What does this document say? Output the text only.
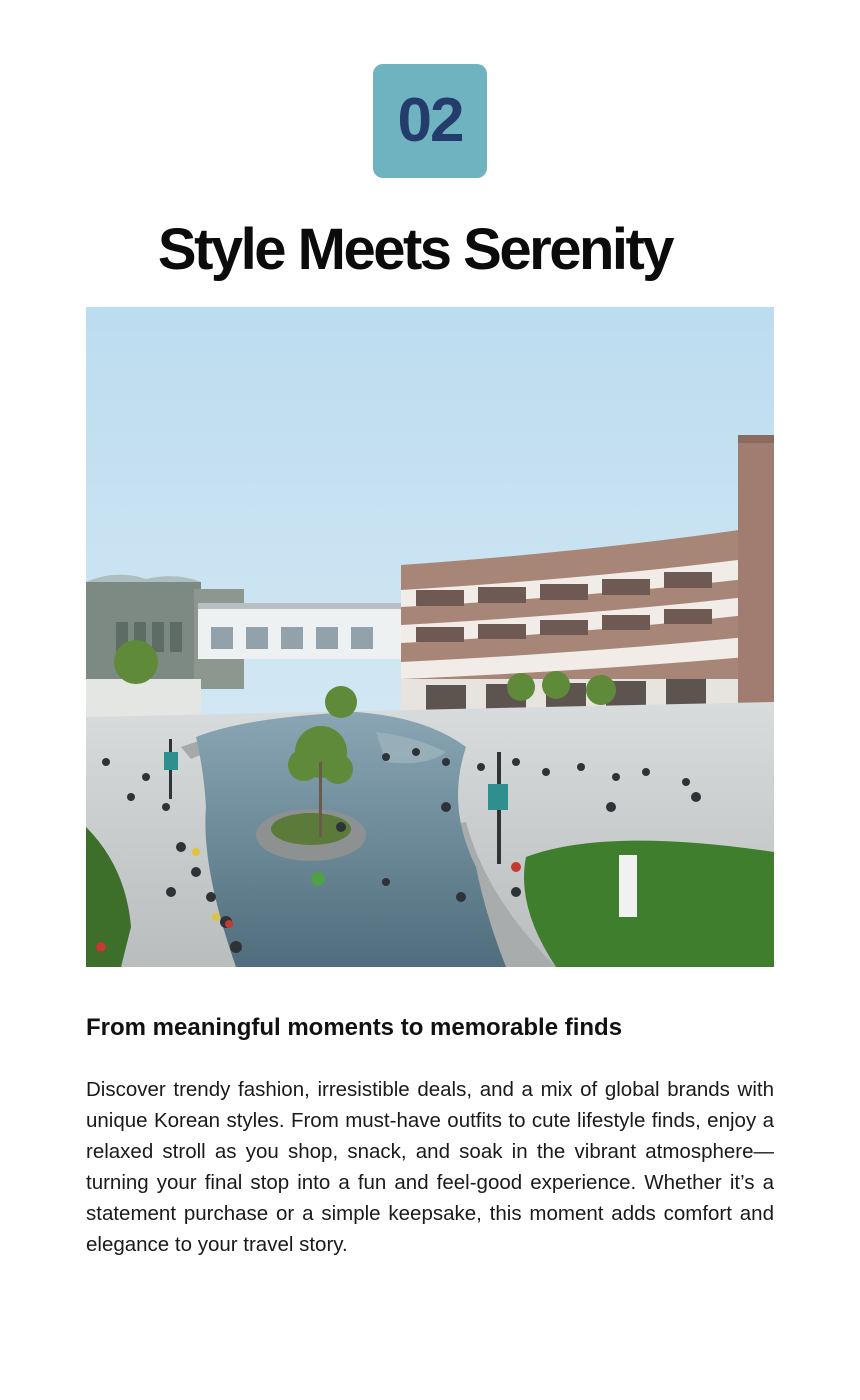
02
Style Meets Serenity
From meaningful moments to memorable finds

Discover trendy fashion, irresistible deals, and a mix of global brands with unique Korean styles. From must-have outfits to cute lifestyle finds, enjoy a relaxed stroll as you shop, snack, and soak in the vibrant atmosphere—turning your final stop into a fun and feel-good experience. Whether it’s a statement purchase or a simple keepsake, this moment adds comfort and elegance to your travel story.
